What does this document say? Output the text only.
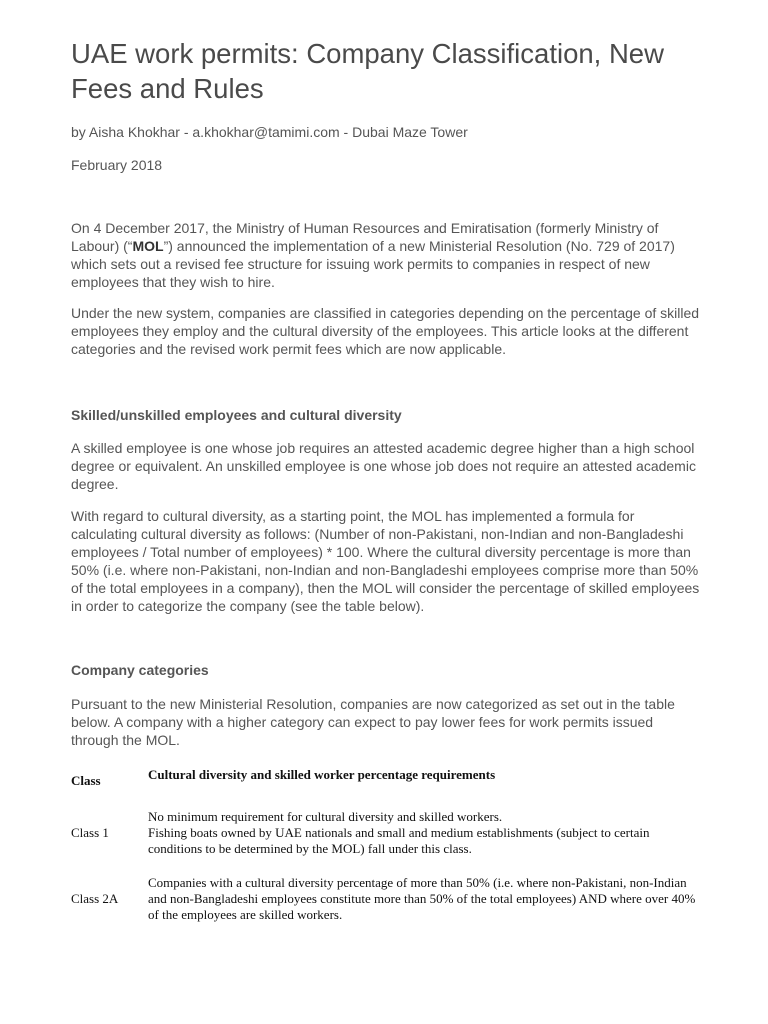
UAE work permits: Company Classification, New Fees and Rules

by Aisha Khokhar - a.khokhar@tamimi.com - Dubai Maze Tower

February 2018

On 4 December 2017, the Ministry of Human Resources and Emiratisation (formerly Ministry of Labour) (“MOL”) announced the implementation of a new Ministerial Resolution (No. 729 of 2017) which sets out a revised fee structure for issuing work permits to companies in respect of new employees that they wish to hire.

Under the new system, companies are classified in categories depending on the percentage of skilled employees they employ and the cultural diversity of the employees. This article looks at the different categories and the revised work permit fees which are now applicable.

Skilled/unskilled employees and cultural diversity

A skilled employee is one whose job requires an attested academic degree higher than a high school degree or equivalent. An unskilled employee is one whose job does not require an attested academic degree.

With regard to cultural diversity, as a starting point, the MOL has implemented a formula for calculating cultural diversity as follows: (Number of non-Pakistani, non-Indian and non-Bangladeshi employees / Total number of employees) * 100. Where the cultural diversity percentage is more than 50% (i.e. where non-Pakistani, non-Indian and non-Bangladeshi employees comprise more than 50% of the total employees in a company), then the MOL will consider the percentage of skilled employees in order to categorize the company (see the table below).

Company categories

Pursuant to the new Ministerial Resolution, companies are now categorized as set out in the table below. A company with a higher category can expect to pay lower fees for work permits issued through the MOL.

Class	Cultural diversity and skilled worker percentage requirements
Class 1	No minimum requirement for cultural diversity and skilled workers.
Fishing boats owned by UAE nationals and small and medium establishments (subject to certain conditions to be determined by the MOL) fall under this class.

Class 2A	Companies with a cultural diversity percentage of more than 50% (i.e. where non-Pakistani, non-Indian and non-Bangladeshi employees constitute more than 50% of the total employees) AND where over 40% of the employees are skilled workers.
